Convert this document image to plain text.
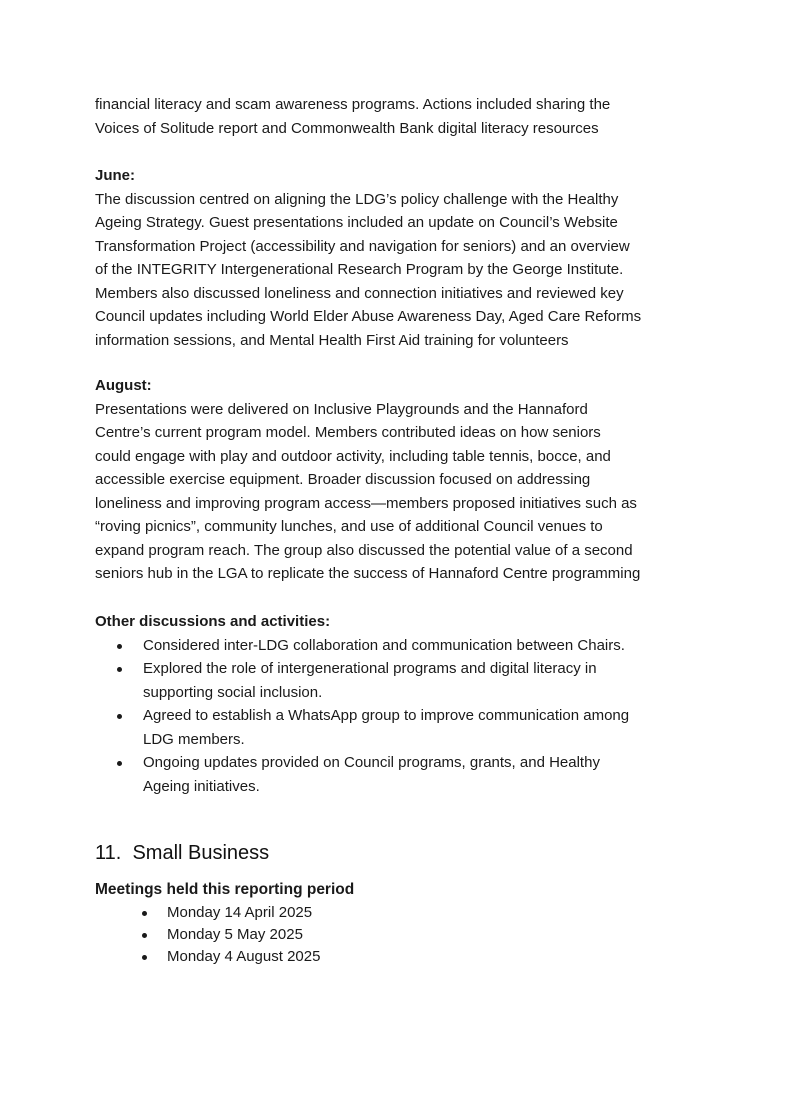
financial literacy and scam awareness programs. Actions included sharing the
Voices of Solitude report and Commonwealth Bank digital literacy resources
June:
The discussion centred on aligning the LDG’s policy challenge with the Healthy
Ageing Strategy. Guest presentations included an update on Council’s Website
Transformation Project (accessibility and navigation for seniors) and an overview
of the INTEGRITY Intergenerational Research Program by the George Institute.
Members also discussed loneliness and connection initiatives and reviewed key
Council updates including World Elder Abuse Awareness Day, Aged Care Reforms
information sessions, and Mental Health First Aid training for volunteers
August:
Presentations were delivered on Inclusive Playgrounds and the Hannaford
Centre’s current program model. Members contributed ideas on how seniors
could engage with play and outdoor activity, including table tennis, bocce, and
accessible exercise equipment. Broader discussion focused on addressing
loneliness and improving program access—members proposed initiatives such as
“roving picnics”, community lunches, and use of additional Council venues to
expand program reach. The group also discussed the potential value of a second
seniors hub in the LGA to replicate the success of Hannaford Centre programming
Other discussions and activities:
Considered inter-LDG collaboration and communication between Chairs.
Explored the role of intergenerational programs and digital literacy in
supporting social inclusion.
Agreed to establish a WhatsApp group to improve communication among
LDG members.
Ongoing updates provided on Council programs, grants, and Healthy
Ageing initiatives.
11. Small Business
Meetings held this reporting period
Monday 14 April 2025
Monday 5 May 2025
Monday 4 August 2025
